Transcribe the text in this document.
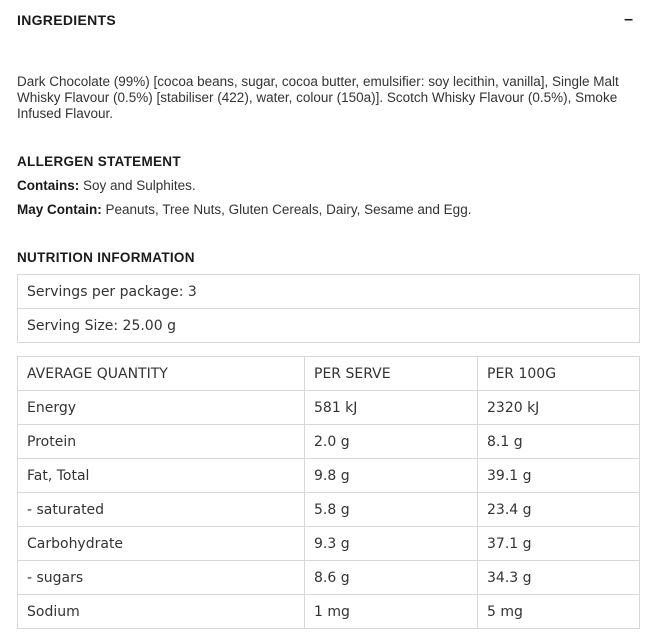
INGREDIENTS	–
Dark Chocolate (99%) [cocoa beans, sugar, cocoa butter, emulsifier: soy lecithin, vanilla], Single Malt Whisky Flavour (0.5%) [stabiliser (422), water, colour (150a)]. Scotch Whisky Flavour (0.5%), Smoke Infused Flavour.
ALLERGEN STATEMENT
Contains: Soy and Sulphites.
May Contain: Peanuts, Tree Nuts, Gluten Cereals, Dairy, Sesame and Egg.
NUTRITION INFORMATION
Servings per package: 3
Serving Size: 25.00 g
AVERAGE QUANTITY	PER SERVE	PER 100G
Energy	581 kJ	2320 kJ
Protein	2.0 g	8.1 g
Fat, Total	9.8 g	39.1 g
- saturated	5.8 g	23.4 g
Carbohydrate	9.3 g	37.1 g
- sugars	8.6 g	34.3 g
Sodium	1 mg	5 mg
